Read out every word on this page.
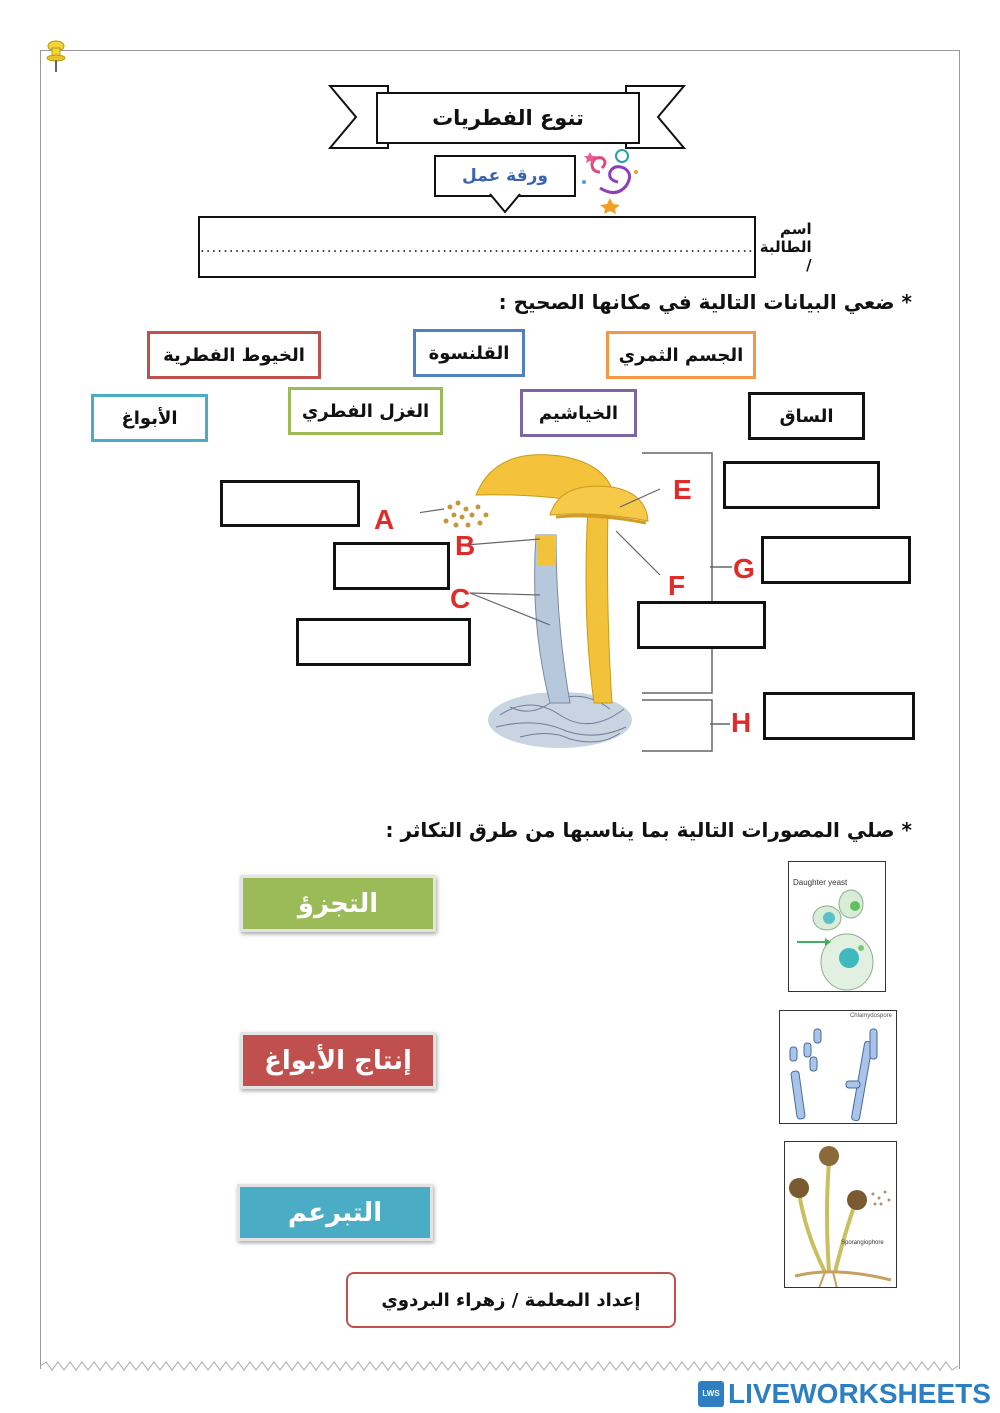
تنوع الفطريات
ورقة عمل
اسم الطالبة /
................................................................................................
* ضعي البيانات التالية في مكانها الصحيح :
الجسم الثمري
القلنسوة
الخيوط الفطرية
الساق
الخياشيم
الغزل الفطري
الأبواغ
A
B
C
E
F
G
H
* صلي المصورات التالية بما يناسبها من طرق التكاثر :
التجزؤ
إنتاج الأبواغ
التبرعم
Daughter yeast
Chlamydospore
Sporangiophore
إعداد المعلمة / زهراء البردوي
LWS LIVEWORKSHEETS
